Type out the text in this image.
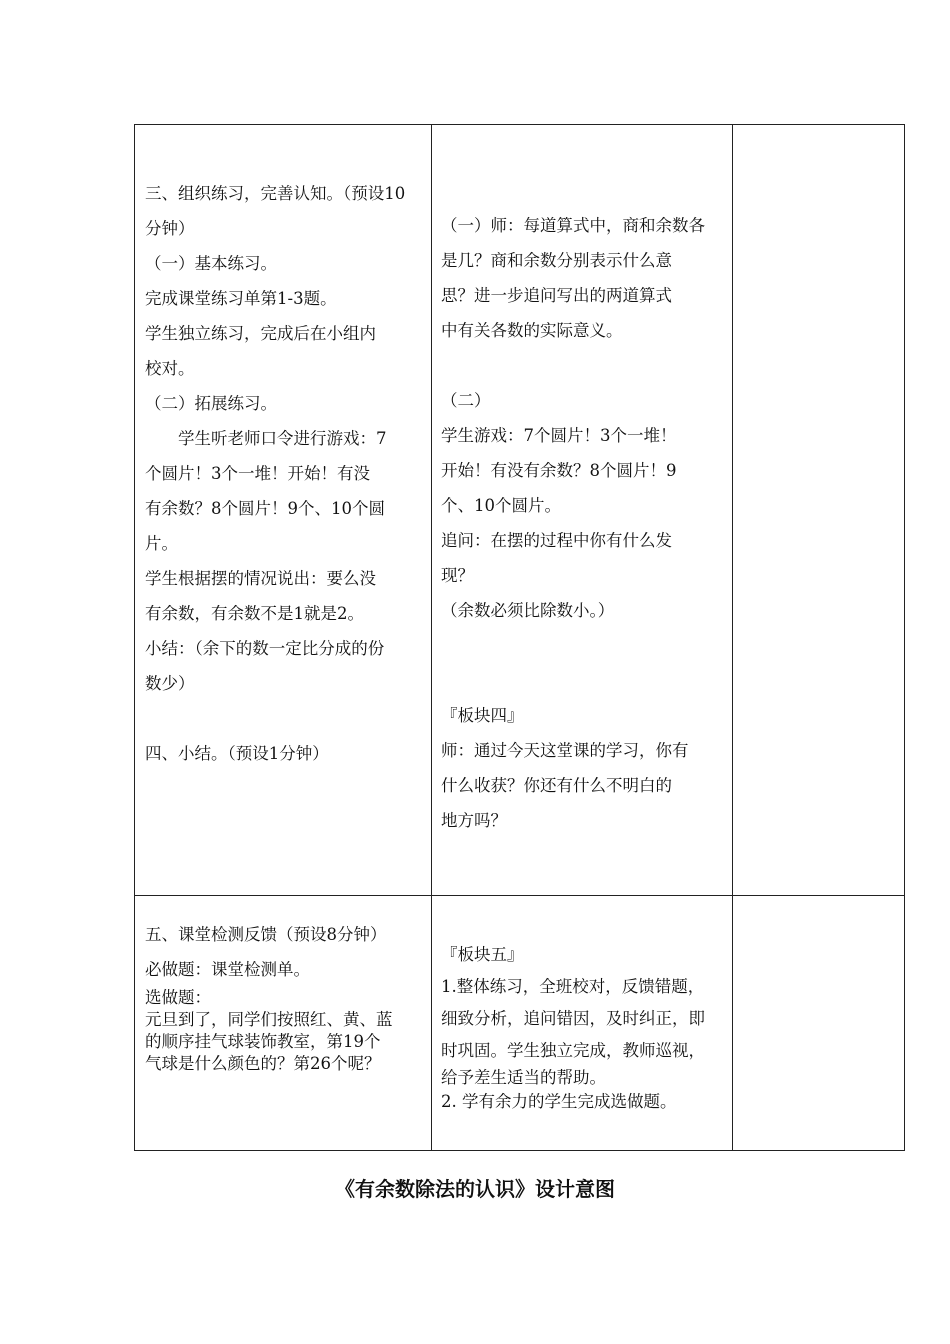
三、组织练习，完善认知。（预设10

分钟）

（一）基本练习。

完成课堂练习单第1-3题。

学生独立练习，完成后在小组内

校对。

（二）拓展练习。

　　学生听老师口令进行游戏：7

个圆片！3个一堆！开始！有没

有余数？8个圆片！9个、10个圆

片。

学生根据摆的情况说出：要么没

有余数，有余数不是1就是2。

小结：（余下的数一定比分成的份

数少）

四、小结。（预设1分钟）

（一）师：每道算式中，商和余数各

是几？商和余数分别表示什么意

思？进一步追问写出的两道算式

中有关各数的实际意义。

（二）

学生游戏：7个圆片！3个一堆！

开始！有没有余数？8个圆片！9

个、10个圆片。

追问：在摆的过程中你有什么发

现？

（余数必须比除数小。）

『板块四』

师：通过今天这堂课的学习，你有

什么收获？你还有什么不明白的

地方吗？

五、课堂检测反馈（预设8分钟）

必做题：课堂检测单。

选做题：

元旦到了，同学们按照红、黄、蓝

的顺序挂气球装饰教室，第19个

气球是什么颜色的？第26个呢？

『板块五』

1.整体练习，全班校对，反馈错题，

细致分析，追问错因，及时纠正，即

时巩固。学生独立完成，教师巡视，

给予差生适当的帮助。

2. 学有余力的学生完成选做题。

《有余数除法的认识》设计意图
